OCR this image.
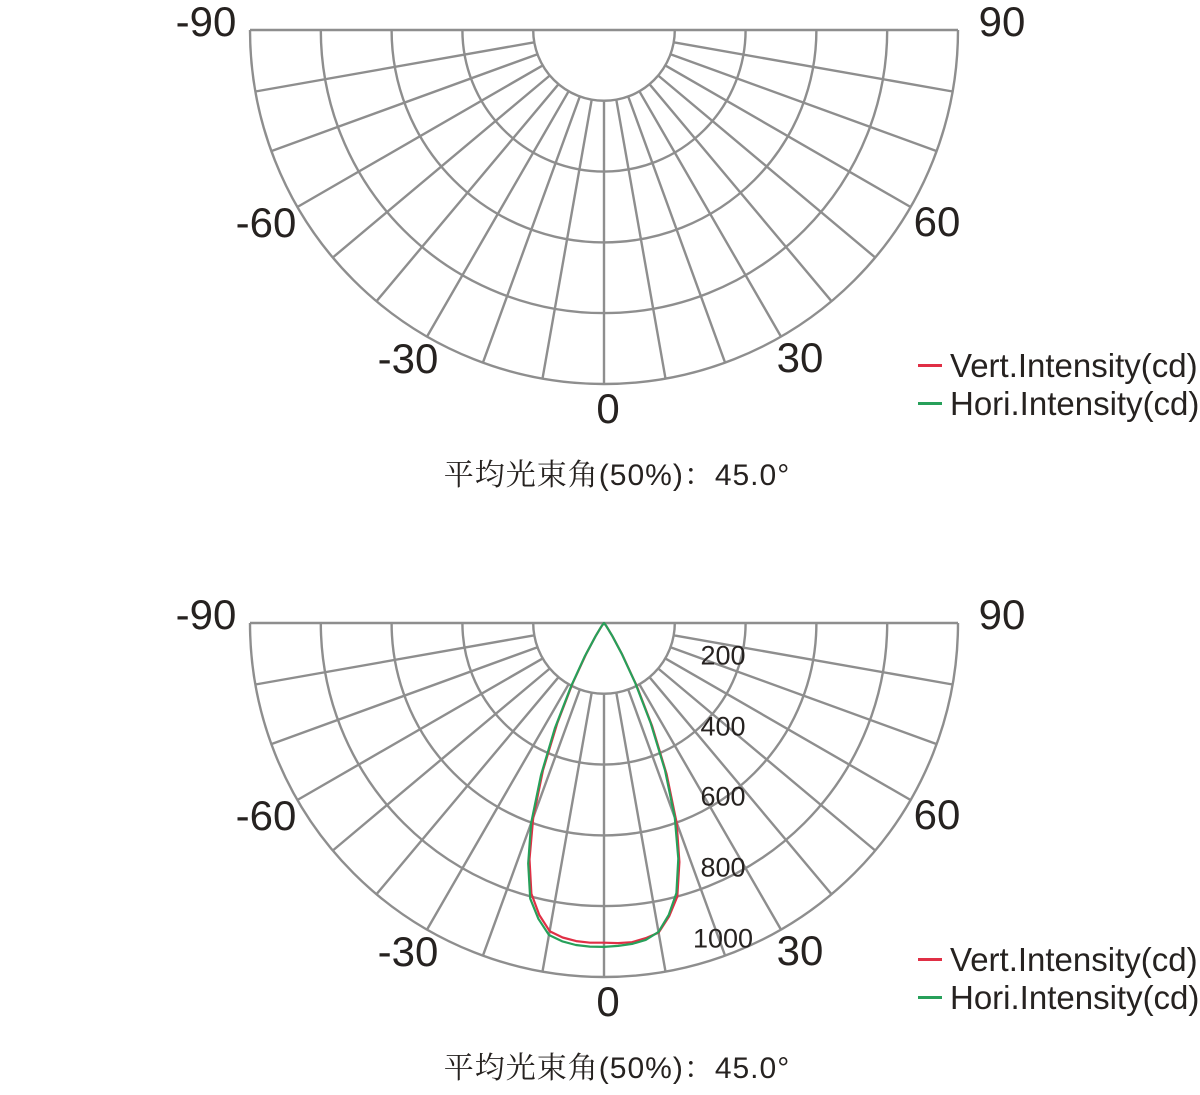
-90
-60
-30
0
30
60
90
Vert.Intensity(cd)
Hori.Intensity(cd)
平均光束角(50%)：45.0°
-90
-60
-30
0
30
60
90
200
400
600
800
1000
Vert.Intensity(cd)
Hori.Intensity(cd)
平均光束角(50%)：45.0°
